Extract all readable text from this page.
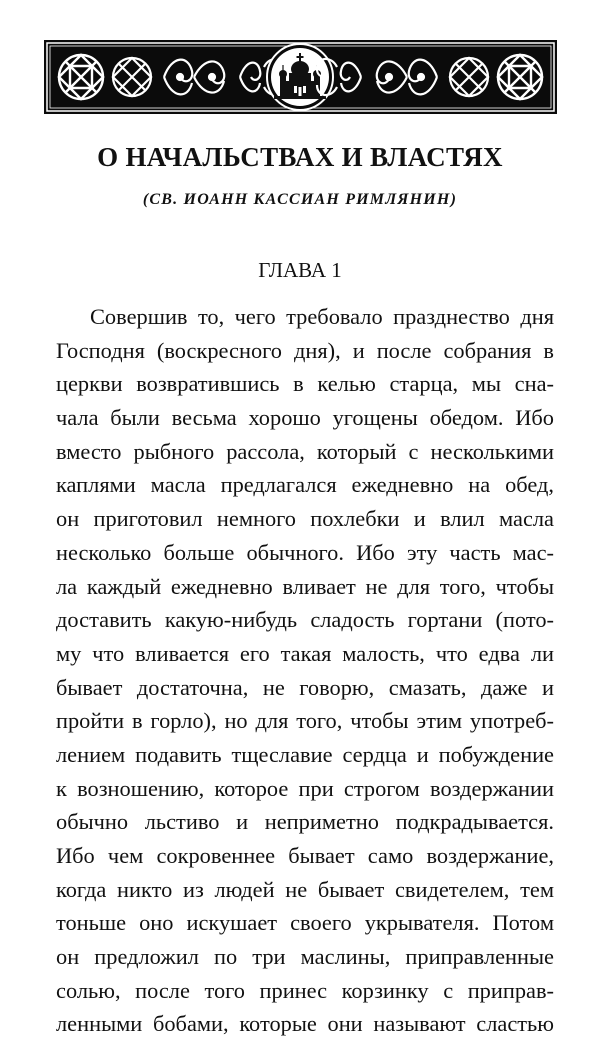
О НАЧАЛЬСТВАХ И ВЛАСТЯХ
(СВ. ИОАНН КАССИАН РИМЛЯНИН)
ГЛАВА 1
Совершив то, чего требовало празднество дня
Господня (воскресного дня), и после собрания в
церкви возвратившись в келью старца, мы сна-
чала были весьма хорошо угощены обедом. Ибо
вместо рыбного рассола, который с несколькими
каплями масла предлагался ежедневно на обед,
он приготовил немного похлебки и влил масла
несколько больше обычного. Ибо эту часть мас-
ла каждый ежедневно вливает не для того, чтобы
доставить какую-нибудь сладость гортани (пото-
му что вливается его такая малость, что едва ли
бывает достаточна, не говорю, смазать, даже и
пройти в горло), но для того, чтобы этим употреб-
лением подавить тщеславие сердца и побуждение
к возношению, которое при строгом воздержании
обычно льстиво и неприметно подкрадывается.
Ибо чем сокровеннее бывает само воздержание,
когда никто из людей не бывает свидетелем, тем
тоньше оно искушает своего укрывателя. Потом
он предложил по три маслины, приправленные
солью, после того принес корзинку с приправ-
ленными бобами, которые они называют сластью
